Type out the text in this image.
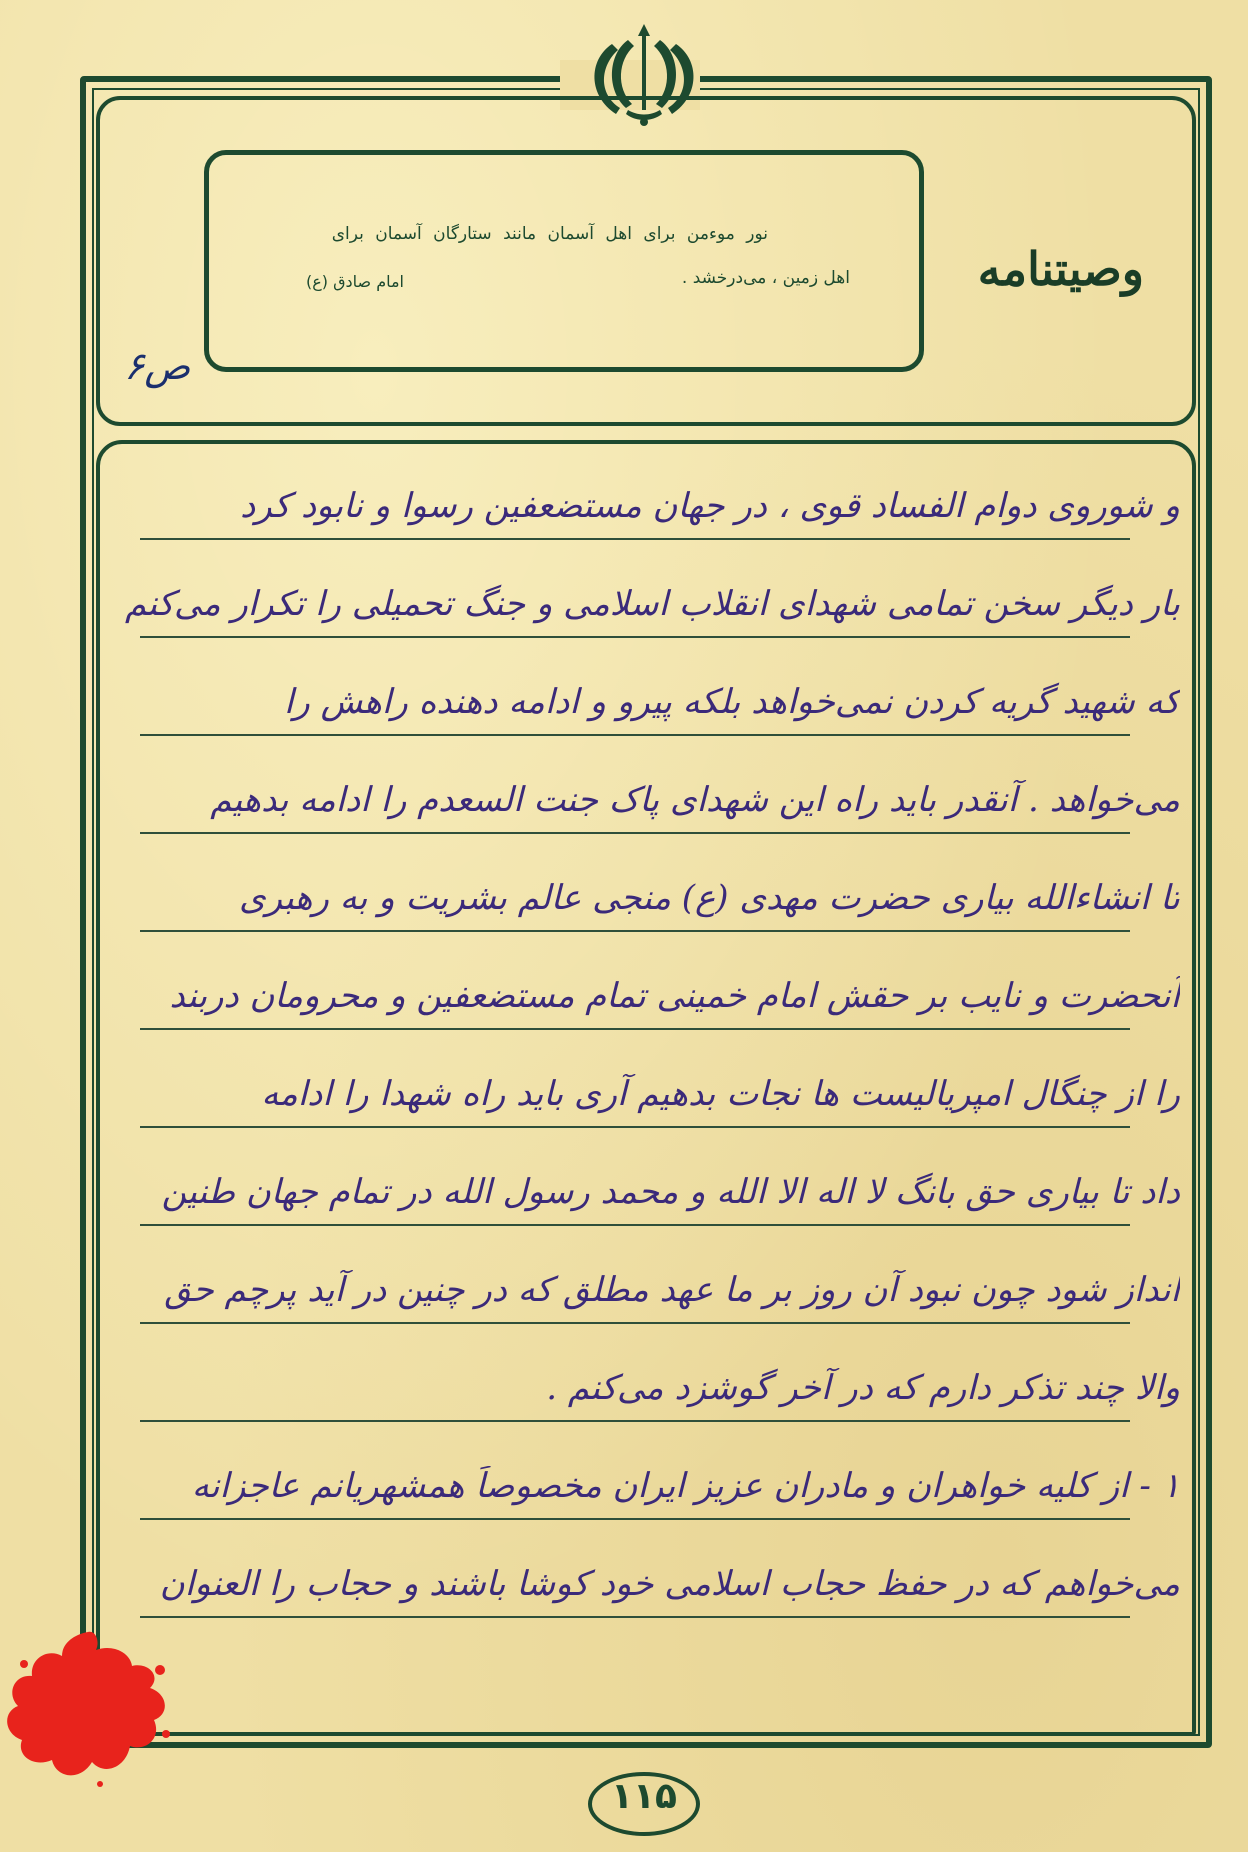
نور موءمن برای اهل آسمان مانند ستارگان آسمان برای
اهل زمین ، می‌درخشد .
امام صادق (ع)	وصیتنامه
ص۶
و شوروی دوام الفساد قوی ، در جهان مستضعفین رسوا و نابود کرد
بار دیگر سخن تمامی شهدای انقلاب اسلامی و جنگ تحمیلی را تکرار می‌کنم
که شهید گریه کردن نمی‌خواهد بلکه پیرو و ادامه دهنده راهش را
می‌خواهد . آنقدر باید راه این شهدای پاک جنت السعدم را ادامه بدهیم
تا انشاءالله بیاری حضرت مهدی (ع) منجی عالم بشریت و به رهبری
آنحضرت و نایب بر حقش امام خمینی تمام مستضعفین و محرومان دربند
را از چنگال امپریالیست ها نجات بدهیم آری باید راه شهدا را ادامه
داد تا بیاری حق بانگ لا اله الا الله و محمد رسول الله در تمام جهان طنین
انداز شود چون نبود آن روز بر ما عهد مطلق که در چنین در آید پرچم حق
والا چند تذکر دارم که در آخر گوشزد می‌کنم .
۱ - از کلیه خواهران و مادران عزیز ایران مخصوصاً همشهریانم عاجزانه
می‌خواهم که در حفظ حجاب اسلامی خود کوشا باشند و حجاب را العنوان
۱۱۵
